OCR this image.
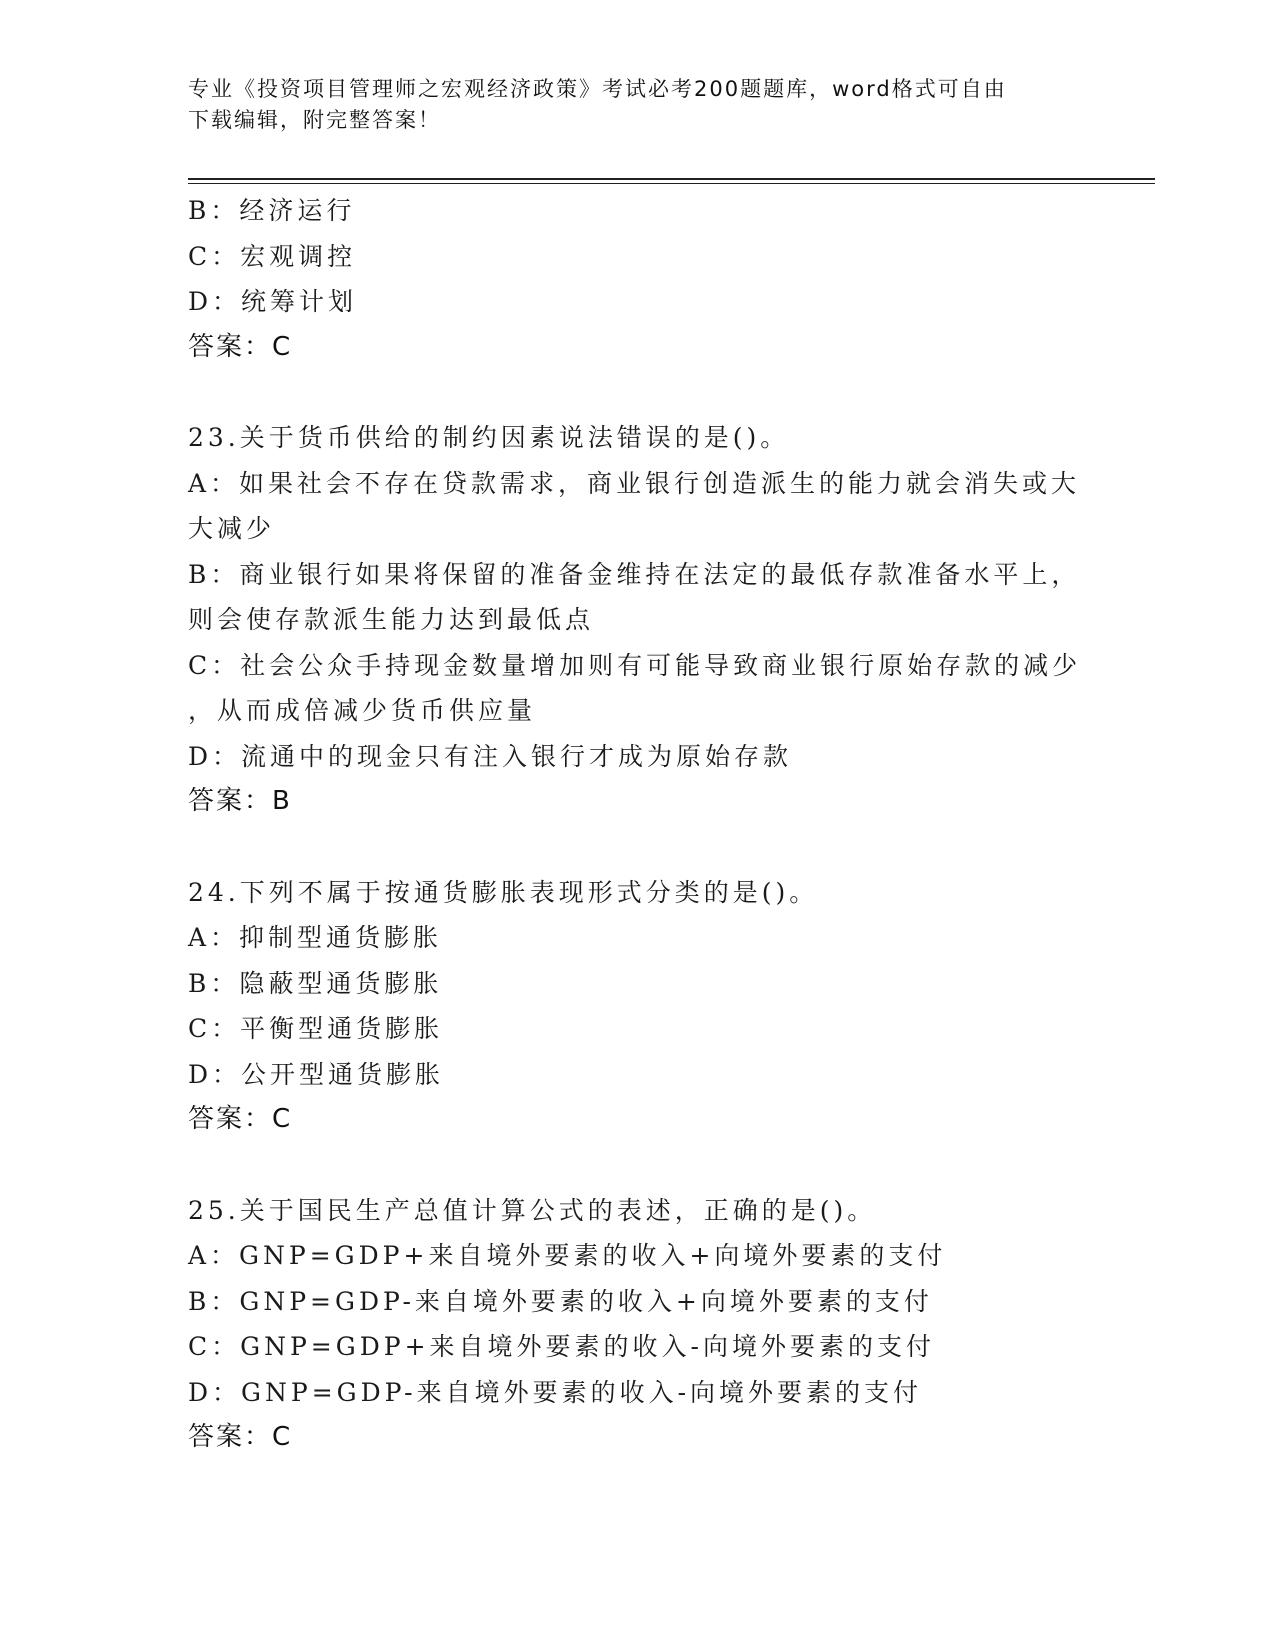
专业《投资项目管理师之宏观经济政策》考试必考200题题库，word格式可自由
下载编辑，附完整答案！
B：经济运行
C：宏观调控
D：统筹计划
答案：C
23.关于货币供给的制约因素说法错误的是()。
A：如果社会不存在贷款需求，商业银行创造派生的能力就会消失或大
大减少
B：商业银行如果将保留的准备金维持在法定的最低存款准备水平上，
则会使存款派生能力达到最低点
C：社会公众手持现金数量增加则有可能导致商业银行原始存款的减少
，从而成倍减少货币供应量
D：流通中的现金只有注入银行才成为原始存款
答案：B
24.下列不属于按通货膨胀表现形式分类的是()。
A：抑制型通货膨胀
B：隐蔽型通货膨胀
C：平衡型通货膨胀
D：公开型通货膨胀
答案：C
25.关于国民生产总值计算公式的表述，正确的是()。
A：GNP=GDP+来自境外要素的收入+向境外要素的支付
B：GNP=GDP-来自境外要素的收入+向境外要素的支付
C：GNP=GDP+来自境外要素的收入-向境外要素的支付
D：GNP=GDP-来自境外要素的收入-向境外要素的支付
答案：C
